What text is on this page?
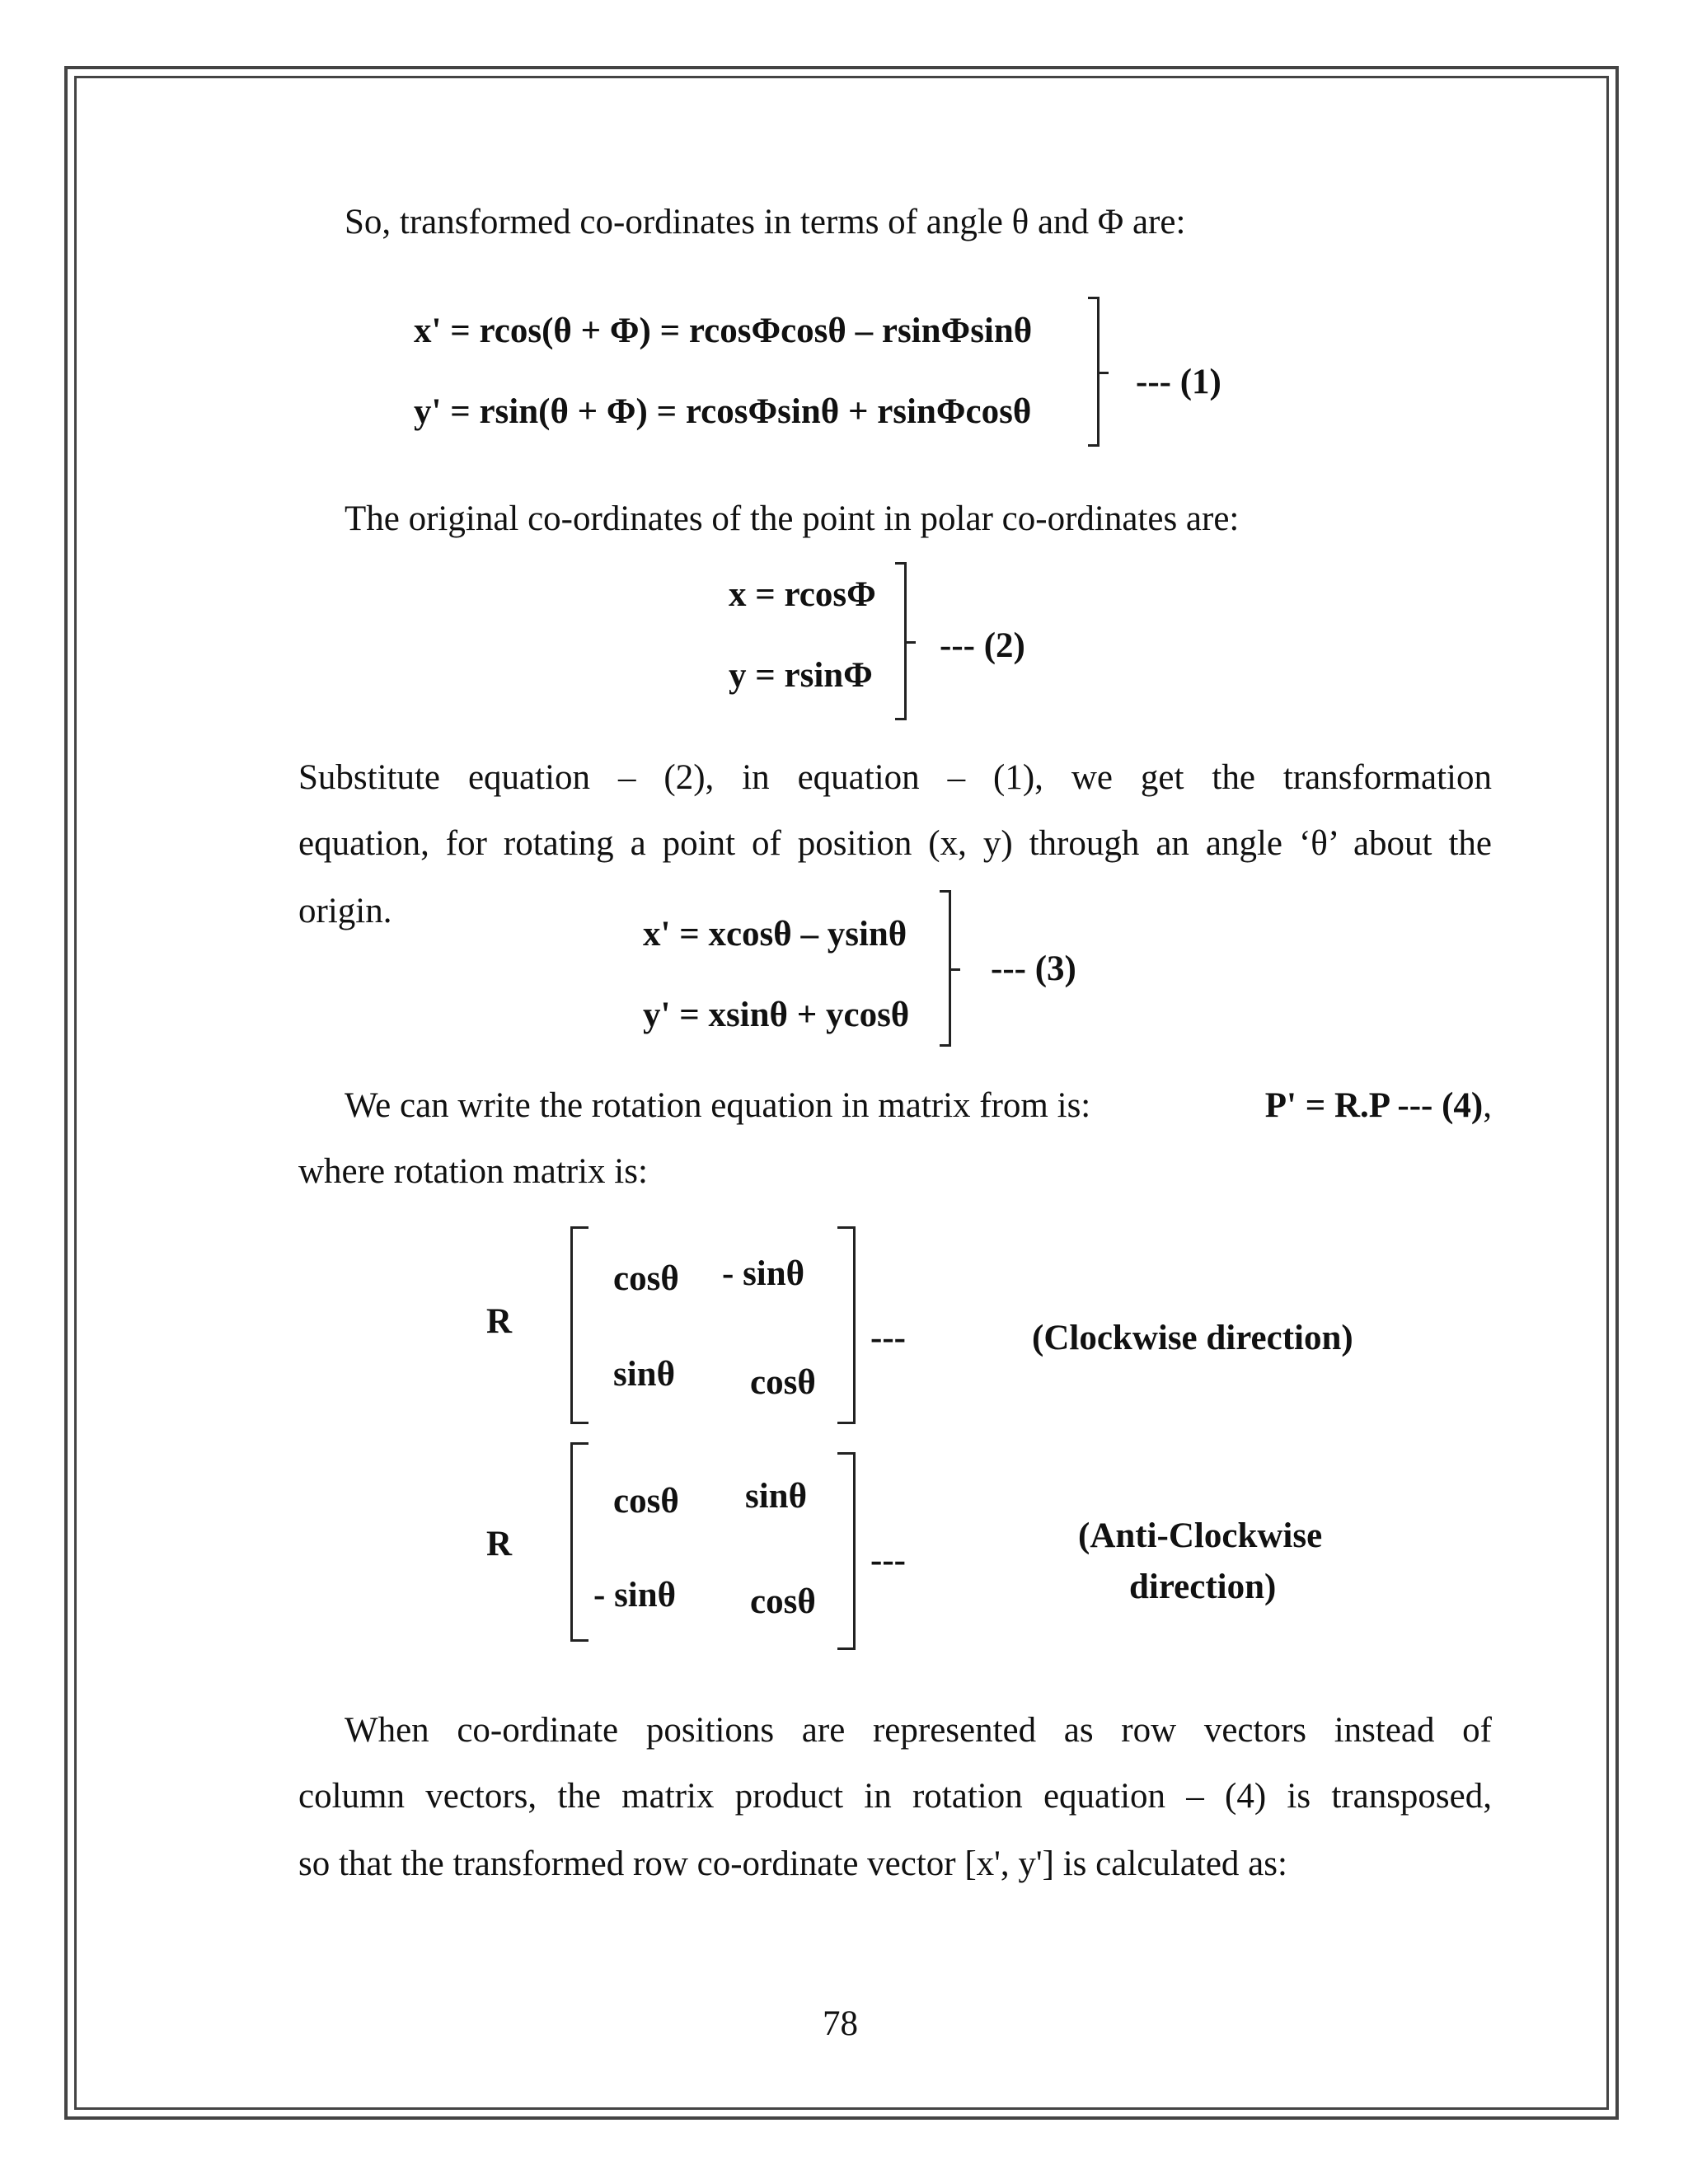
So, transformed co-ordinates in terms of angle θ and Φ are:
x' = rcos(θ + Φ) = rcosΦcosθ – rsinΦsinθ
y' = rsin(θ + Φ) = rcosΦsinθ + rsinΦcosθ
--- (1)
The original co-ordinates of the point in polar co-ordinates are:
x = rcosΦ
y = rsinΦ
--- (2)
Substitute equation – (2), in equation – (1), we get the transformation
equation, for rotating a point of position (x, y) through an angle ‘θ’ about the
origin.
x' = xcosθ – ysinθ
y' = xsinθ + ycosθ
--- (3)
We can write the rotation equation in matrix from is:	P' = R.P --- (4),
where rotation matrix is:
R
cosθ - sinθ
sinθ cosθ
---	(Clockwise direction)
R
cosθ sinθ
- sinθ cosθ
---
(Anti-Clockwise
direction)
When co-ordinate positions are represented as row vectors instead of
column vectors, the matrix product in rotation equation – (4) is transposed,
so that the transformed row co-ordinate vector [x', y'] is calculated as:
78
